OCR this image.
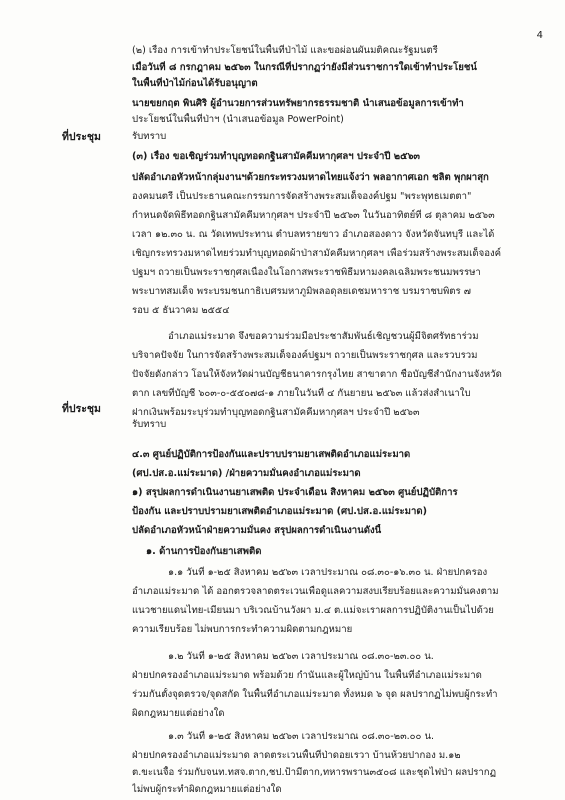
4
ที่ประชุม
ที่ประชุม
(๒) เรื่อง การเข้าทำประโยชน์ในพื้นที่ป่าไม้ และขอผ่อนผันมติคณะรัฐมนตรี
เมื่อวันที่ ๘ กรกฎาคม ๒๕๖๓ ในกรณีที่ปรากฏว่ายังมีส่วนราชการใดเข้าทำประโยชน์
ในพื้นที่ป่าไม้ก่อนได้รับอนุญาต
นายขยกฤต พินศิริ ผู้อำนวยการส่วนทรัพยากรธรรมชาติ นำเสนอข้อมูลการเข้าทำ
ประโยชน์ในพื้นที่ป่าฯ (นำเสนอข้อมูล PowerPoint)
รับทราบ
(๓) เรื่อง ขอเชิญร่วมทำบุญทอดกฐินสามัคคีมหากุศลฯ ประจำปี ๒๕๖๓
ปลัดอำเภอหัวหน้ากลุ่มงานฯด้วยกระทรวงมหาดไทยแจ้งว่า พลอากาศเอก ชลิต พุกผาสุก
องคมนตรี เป็นประธานคณะกรรมการจัดสร้างพระสมเด็จองค์ปฐม "พระพุทธเมตตา"
กำหนดจัดพิธีทอดกฐินสามัคคีมหากุศลฯ ประจำปี ๒๕๖๓ ในวันอาทิตย์ที่ ๘ ตุลาคม ๒๕๖๓
เวลา ๑๒.๓๐ น. ณ วัดเทพประทาน ตำบลทรายขาว อำเภอสองดาว จังหวัดจันทบุรี และได้
เชิญกระทรวงมหาดไทยร่วมทำบุญทอดผ้าป่าสามัคคีมหากุศลฯ เพื่อร่วมสร้างพระสมเด็จองค์
ปฐมฯ ถวายเป็นพระราชกุศลเนื่องในโอกาสพระราชพิธีมหามงคลเฉลิมพระชนมพรรษา
พระบาทสมเด็จ พระบรมชนกาธิเบศรมหาภูมิพลอดุลยเดชมหาราช บรมราชบพิตร ๗
รอบ ๕ ธันวาคม ๒๕๕๔
อำเภอแม่ระมาด จึงขอความร่วมมือประชาสัมพันธ์เชิญชวนผู้มีจิตศรัทธาร่วม
บริจาคปัจจัย ในการจัดสร้างพระสมเด็จองค์ปฐมฯ ถวายเป็นพระราชกุศล และรวบรวม
ปัจจัยดังกล่าว โอนให้จังหวัดผ่านบัญชีธนาคารกรุงไทย สาขาตาก ชื่อบัญชีสำนักงานจังหวัด
ตาก เลขที่บัญชี ๖๐๓-๐-๕๕๐๗๘-๑ ภายในวันที่ ๔ กันยายน ๒๕๖๓ แล้วส่งสำเนาใบ
ฝากเงินพร้อมระบุร่วมทำบุญทอดกฐินสามัคคีมหากุศลฯ ประจำปี ๒๕๖๓
รับทราบ
๔.๓ ศูนย์ปฏิบัติการป้องกันและปราบปรามยาเสพติดอำเภอแม่ระมาด
(ศป.ปส.อ.แม่ระมาด) /ฝ่ายความมั่นคงอำเภอแม่ระมาด
๑) สรุปผลการดำเนินงานยาเสพติด ประจำเดือน สิงหาคม ๒๕๖๓ ศูนย์ปฏิบัติการ
ป้องกัน และปราบปรามยาเสพติดอำเภอแม่ระมาด (ศป.ปส.อ.แม่ระมาด)
ปลัดอำเภอหัวหน้าฝ่ายความมั่นคง สรุปผลการดำเนินงานดังนี้
๑. ด้านการป้องกันยาเสพติด
๑.๑ วันที่ ๑-๒๕ สิงหาคม ๒๕๖๓ เวลาประมาณ ๐๘.๓๐-๑๖.๓๐ น. ฝ่ายปกครอง
อำเภอแม่ระมาด ได้ ออกตรวจลาดตระเวนเพื่อดูแลความสงบเรียบร้อยและความมั่นคงตาม
แนวชายแดนไทย-เมียนมา บริเวณบ้านวังผา ม.๔ ต.แม่จะเราผลการปฏิบัติงานเป็นไปด้วย
ความเรียบร้อย ไม่พบการกระทำความผิดตามกฎหมาย
๑.๒ วันที่ ๑-๒๕ สิงหาคม ๒๕๖๓ เวลาประมาณ ๐๘.๓๐-๒๓.๐๐ น.
ฝ่ายปกครองอำเภอแม่ระมาด พร้อมด้วย กำนันและผู้ใหญ่บ้าน ในพื้นที่อำเภอแม่ระมาด
ร่วมกันตั้งจุดตรวจ/จุดสกัด ในพื้นที่อำเภอแม่ระมาด ทั้งหมด ๖ จุด ผลปรากฏไม่พบผู้กระทำ
ผิดกฎหมายแต่อย่างใด
๑.๓ วันที่ ๑-๒๕ สิงหาคม ๒๕๖๓ เวลาประมาณ ๐๘.๓๐-๒๓.๐๐ น.
ฝ่ายปกครองอำเภอแม่ระมาด ลาดตระเวนพื้นที่ป่าดอยเรวา บ้านห้วยปากอง ม.๑๒
ต.ขะเนจื้อ ร่วมกับจนท.ทสจ.ตาก,ชป.ป้ามีตาก,ทหารพราน๓๕๐๘ และชุดไฟป่า ผลปรากฏ
ไม่พบผู้กระทำผิดกฎหมายแต่อย่างใด
